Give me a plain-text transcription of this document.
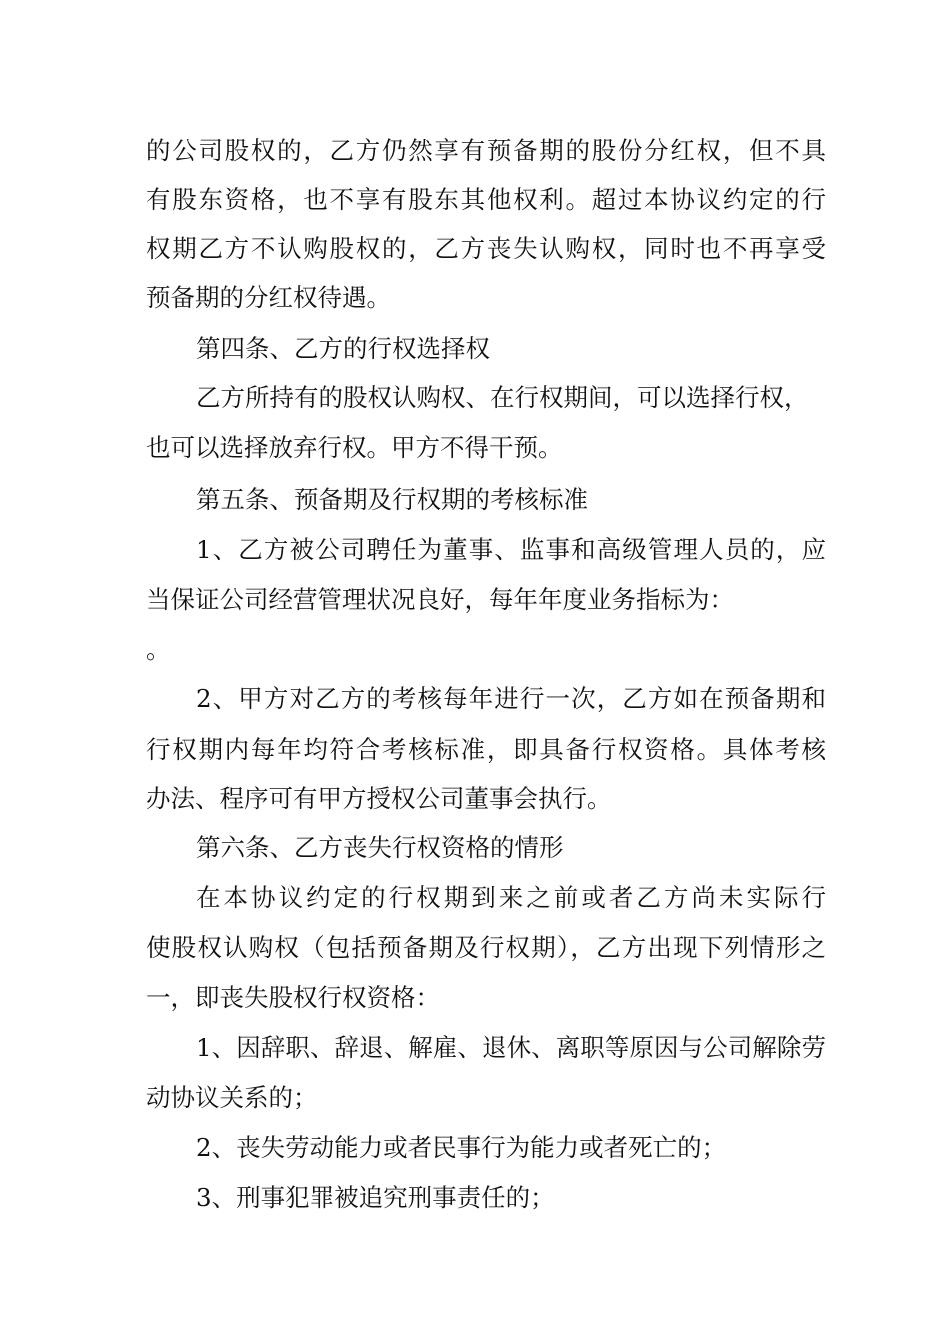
的公司股权的，乙方仍然享有预备期的股份分红权，但不具

有股东资格，也不享有股东其他权利。超过本协议约定的行

权期乙方不认购股权的，乙方丧失认购权，同时也不再享受

预备期的分红权待遇。

第四条、乙方的行权选择权

乙方所持有的股权认购权、在行权期间，可以选择行权，

也可以选择放弃行权。甲方不得干预。

第五条、预备期及行权期的考核标准

1、乙方被公司聘任为董事、监事和高级管理人员的，应

当保证公司经营管理状况良好，每年年度业务指标为：

。

2、甲方对乙方的考核每年进行一次，乙方如在预备期和

行权期内每年均符合考核标准，即具备行权资格。具体考核

办法、程序可有甲方授权公司董事会执行。

第六条、乙方丧失行权资格的情形

在本协议约定的行权期到来之前或者乙方尚未实际行

使股权认购权（包括预备期及行权期），乙方出现下列情形之

一，即丧失股权行权资格：

1、因辞职、辞退、解雇、退休、离职等原因与公司解除劳

动协议关系的；

2、丧失劳动能力或者民事行为能力或者死亡的；

3、刑事犯罪被追究刑事责任的；
